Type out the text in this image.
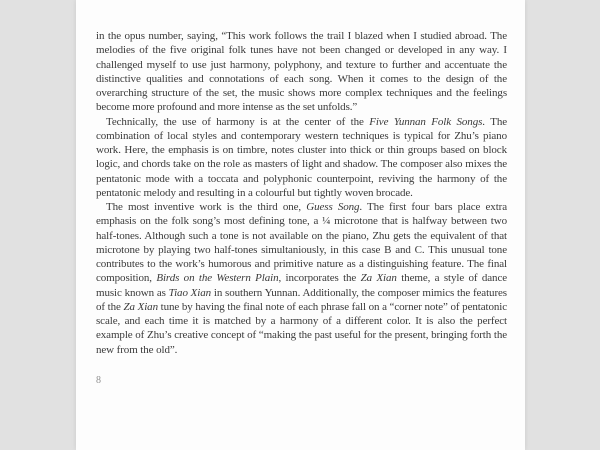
in the opus number, saying, “This work follows the trail I blazed when I studied abroad. The melodies of the five original folk tunes have not been changed or developed in any way. I challenged myself to use just harmony, polyphony, and texture to further and accentuate the distinctive qualities and connotations of each song. When it comes to the design of the overarching structure of the set, the music shows more complex techniques and the feelings become more profound and more intense as the set unfolds.”

Technically, the use of harmony is at the center of the Five Yunnan Folk Songs. The combination of local styles and contemporary western techniques is typical for Zhu’s piano work. Here, the emphasis is on timbre, notes cluster into thick or thin groups based on block logic, and chords take on the role as masters of light and shadow. The composer also mixes the pentatonic mode with a toccata and polyphonic counterpoint, reviving the harmony of the pentatonic melody and resulting in a colourful but tightly woven brocade.

The most inventive work is the third one, Guess Song. The first four bars place extra emphasis on the folk song’s most defining tone, a ¼ microtone that is halfway between two half-tones. Although such a tone is not available on the piano, Zhu gets the equivalent of that microtone by playing two half-tones simultaniously, in this case B and C. This unusual tone contributes to the work’s humorous and primitive nature as a distinguishing feature. The final composition, Birds on the Western Plain, incorporates the Za Xian theme, a style of dance music known as Tiao Xian in southern Yunnan. Additionally, the composer mimics the features of the Za Xian tune by having the final note of each phrase fall on a “corner note” of pentatonic scale, and each time it is matched by a harmony of a different color. It is also the perfect example of Zhu’s creative concept of “making the past useful for the present, bringing forth the new from the old”.

8
